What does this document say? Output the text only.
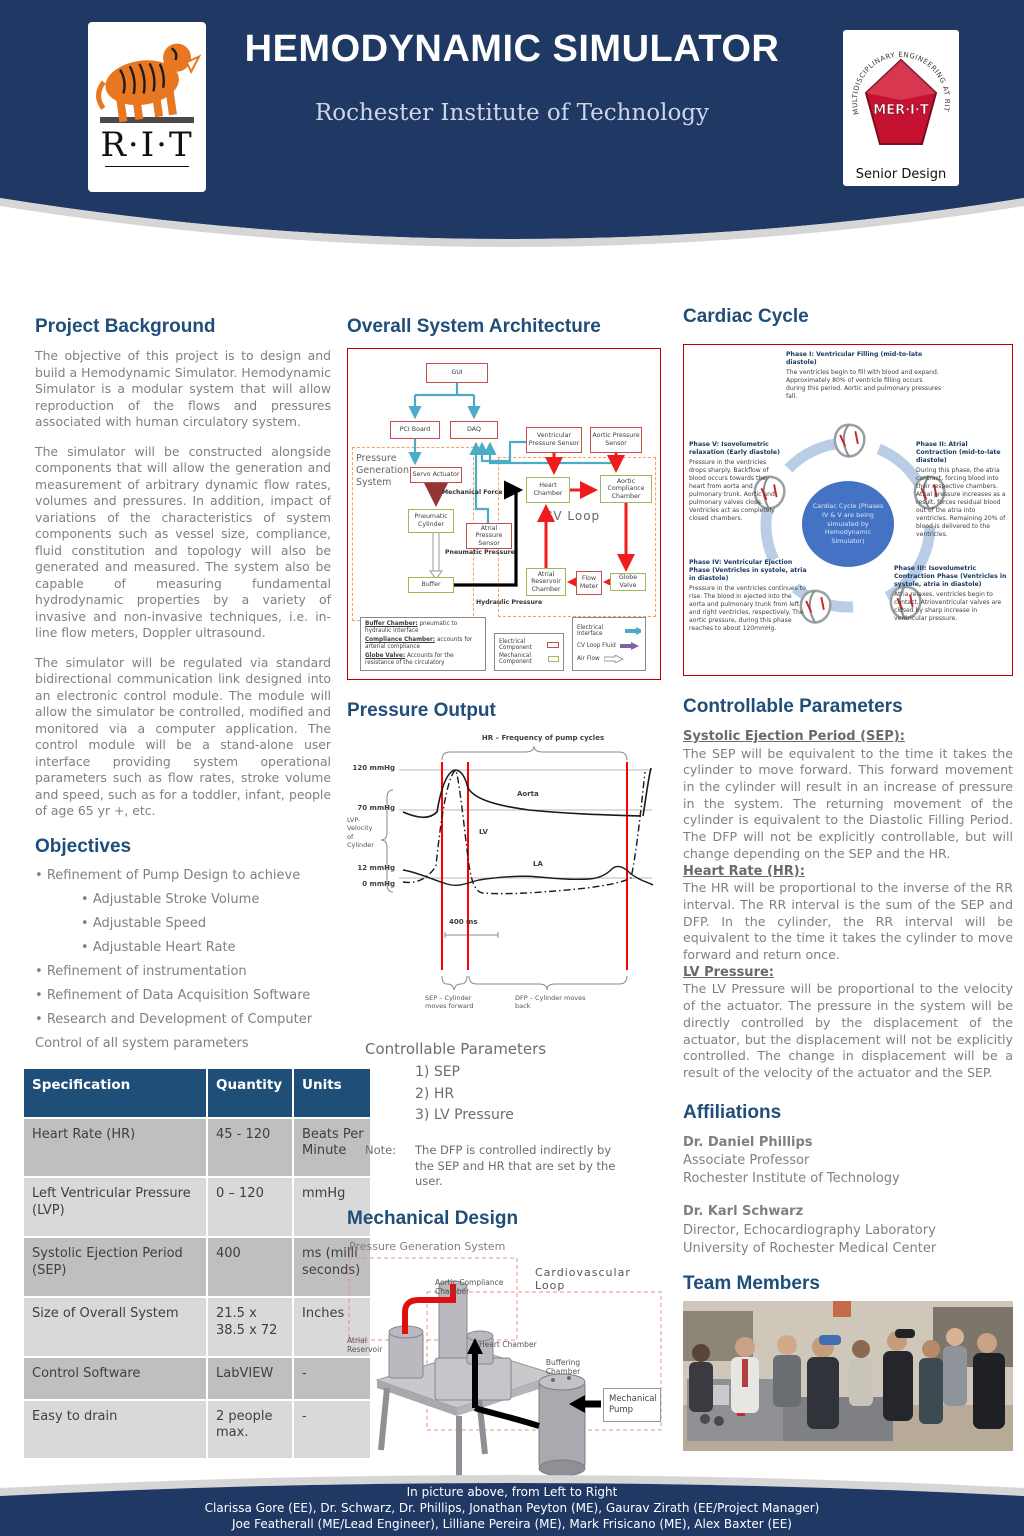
HEMODYNAMIC SIMULATOR
Rochester Institute of Technology
R·I·T
MULTIDISCIPLINARY ENGINEERING AT RIT
MER·I·T
Senior Design
Project Background

The objective of this project is to design and build a Hemodynamic Simulator. Hemodynamic Simulator is a modular system that will allow reproduction of the flows and pressures associated with human circulatory system.

The simulator will be constructed alongside components that will allow the generation and measurement of arbitrary dynamic flow rates, volumes and pressures. In addition, impact of variations of the characteristics of system components such as vessel size, compliance, fluid constitution and topology will also be generated and measured. The system also be capable of measuring fundamental hydrodynamic properties by a variety of invasive and non-invasive techniques, i.e. in-line flow meters, Doppler ultrasound.

The simulator will be regulated via standard bidirectional communication link designed into an electronic control module. The module will allow the simulator be controlled, modified and monitored via a computer application. The control module will be a stand-alone user interface providing system operational parameters such as flow rates, stroke volume and speed, such as for a toddler, infant, people of age 65 yr +, etc.

Objectives
• Refinement of Pump Design to achieve
• Adjustable Stroke Volume
• Adjustable Speed
• Adjustable Heart Rate
• Refinement of instrumentation
• Refinement of Data Acquisition Software
• Research and Development of Computer
Control of all system parameters
Specification	Quantity	Units
Heart Rate (HR)	45 - 120	Beats Per Minute
Left Ventricular Pressure (LVP)	0 – 120	mmHg
Systolic Ejection Period (SEP)	400	ms (milli seconds)
Size of Overall System	21.5 x 38.5 x 72	Inches
Control Software	LabVIEW	-
Easy to drain	2 people max.	-
Overall System Architecture
Pressure Generation System
CV Loop
GUI
PCI Board	DAQ
Ventricular Pressure Sensor
Aortic Pressure Sensor
Servo Actuator
Pneumatic Cylinder
Buffer
Atrial Pressure Sensor
Heart Chamber
Aortic Compliance Chamber
Atrial Reservoir Chamber
Flow Meter
Globe Valve
Mechanical Force
Pneumatic Pressure
Hydraulic Pressure
Buffer Chamber: pneumatic to hydraulic interface
Compliance Chamber: accounts for arterial compliance
Globe Valve: Accounts for the resistance of the circulatory
Electrical Component
Mechanical Component
Electrical Interface
CV Loop Fluid
Air Flow
Pressure Output
HR – Frequency of pump cycles
120 mmHg
70 mmHg
12 mmHg
0 mmHg
LVP- Velocity of Cylinder
Aorta
LV
LA
400 ms
SEP – Cylinder moves forward
DFP – Cylinder moves back
Controllable Parameters
1) SEP
2) HR
3) LV Pressure
Note:	The DFP is controlled indirectly by the SEP and HR that are set by the user.
Mechanical Design
Pressure Generation System
Cardiovascular Loop
Aortic Compliance Chamber
Atrial Reservoir
Heart Chamber
Buffering Chamber
Mechanical Pump
Cardiac Cycle
Phase I: Ventricular Filling (mid-to-late diastole)
The ventricles begin to fill with blood and expand. Approximately 80% of ventricle filling occurs during this period. Aortic and pulmonary pressures fall.
Phase V: Isovolumetric relaxation (Early diastole)
Pressure in the ventricles drops sharply. Backflow of blood occurs towards the heart from aorta and pulmonary trunk. Aortic and pulmonary valves close. Ventricles act as completely closed chambers.
Phase II: Atrial Contraction (mid-to-late diastole)
During this phase, the atria contract, forcing blood into their respective chambers. Atrial pressure increases as a result, forces residual blood out of the atria into ventricles. Remaining 20% of blood is delivered to the ventricles.
Phase IV: Ventricular Ejection Phase (Ventricles in systole, atria in diastole)
Pressure in the ventricles continues to rise. The blood in ejected into the aorta and pulmonary trunk from left and right ventricles, respectively. The aortic pressure, during this phase reaches to about 120mmHg.
Phase III: Isovolumetric Contraction Phase (Ventricles in systole, atria in diastole)
Atria relaxes, ventricles begin to contact. Atrioventricular valves are closed by sharp increase in ventricular pressure.
Cardiac Cycle (Phases IV & V are being simulated by Hemodynamic Simulator)
Controllable Parameters

Systolic Ejection Period (SEP):

The SEP will be equivalent to the time it takes the cylinder to move forward. This forward movement in the cylinder will result in an increase of pressure in the system. The returning movement of the cylinder is equivalent to the Diastolic Filling Period. The DFP will not be explicitly controllable, but will change depending on the SEP and the HR.

Heart Rate (HR):

The HR will be proportional to the inverse of the RR interval. The RR interval is the sum of the SEP and DFP. In the cylinder, the RR interval will be equivalent to the time it takes the cylinder to move forward and return once.

LV Pressure:

The LV Pressure will be proportional to the velocity of the actuator. The pressure in the system will be directly controlled by the displacement of the actuator, but the displacement will not be explicitly controlled. The change in displacement will be a result of the velocity of the actuator and the SEP.

Affiliations
Dr. Daniel Phillips
Associate Professor
Rochester Institute of Technology
Dr. Karl Schwarz
Director, Echocardiography Laboratory
University of Rochester Medical Center
Team Members
In picture above, from Left to Right
Clarissa Gore (EE), Dr. Schwarz, Dr. Phillips, Jonathan Peyton (ME), Gaurav Zirath (EE/Project Manager)
Joe Featherall (ME/Lead Engineer), Lilliane Pereira (ME), Mark Frisicano (ME), Alex Baxter (EE)
